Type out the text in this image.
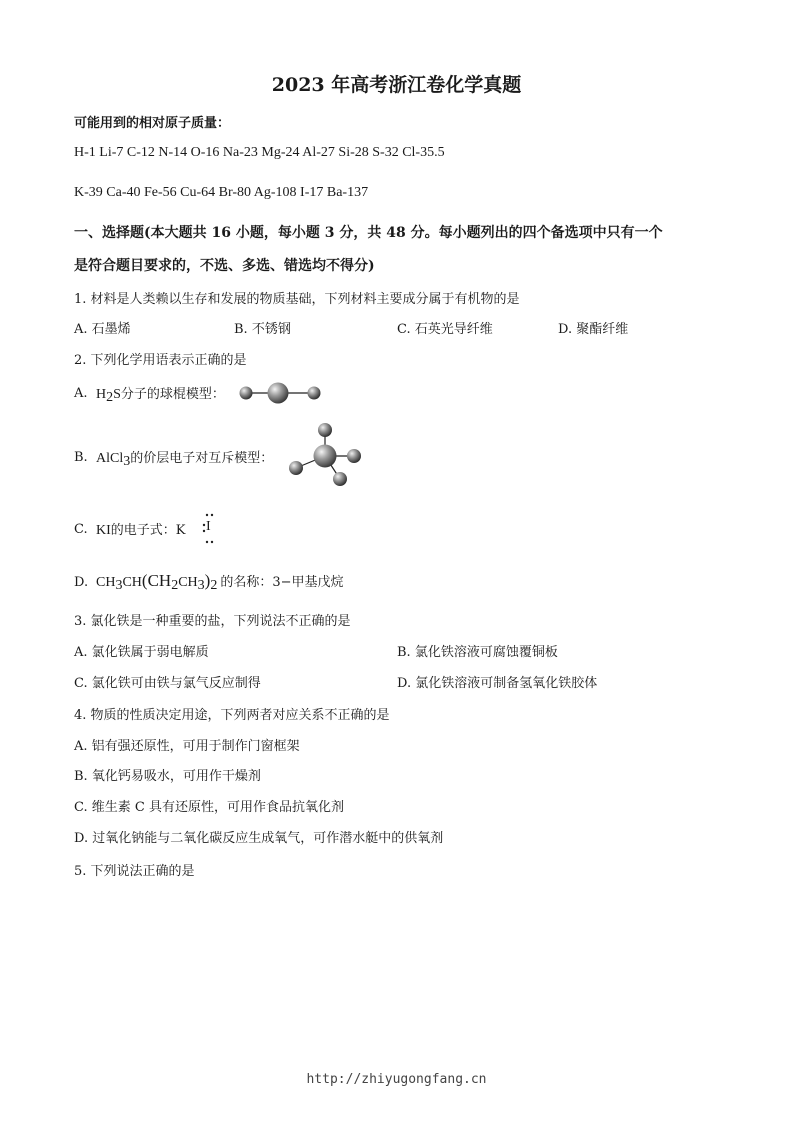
2023 年高考浙江卷化学真题
可能用到的相对原子质量：
H-1 Li-7 C-12 N-14 O-16 Na-23 Mg-24 Al-27 Si-28 S-32 Cl-35.5
K-39 Ca-40 Fe-56 Cu-64 Br-80 Ag-108 I-17 Ba-137
一、选择题(本大题共 16 小题，每小题 3 分，共 48 分。每小题列出的四个备选项中只有一个
是符合题目要求的，不选、多选、错选均不得分)
1. 材料是人类赖以生存和发展的物质基础，下列材料主要成分属于有机物的是
A. 石墨烯	B. 不锈钢	C. 石英光导纤维	D. 聚酯纤维
2. 下列化学用语表示正确的是
A. H2S分子的球棍模型：
B. AlCl3的价层电子对互斥模型：
C. KI的电子式：K I
D. CH3CH(CH2CH3)2 的名称：3−甲基戊烷
3. 氯化铁是一种重要的盐，下列说法不正确的是
A. 氯化铁属于弱电解质	B. 氯化铁溶液可腐蚀覆铜板
C. 氯化铁可由铁与氯气反应制得	D. 氯化铁溶液可制备氢氧化铁胶体
4. 物质的性质决定用途，下列两者对应关系不正确的是
A. 铝有强还原性，可用于制作门窗框架
B. 氧化钙易吸水，可用作干燥剂
C. 维生素 C 具有还原性，可用作食品抗氧化剂
D. 过氧化钠能与二氧化碳反应生成氧气，可作潜水艇中的供氧剂
5. 下列说法正确的是
http://zhiyugongfang.cn
